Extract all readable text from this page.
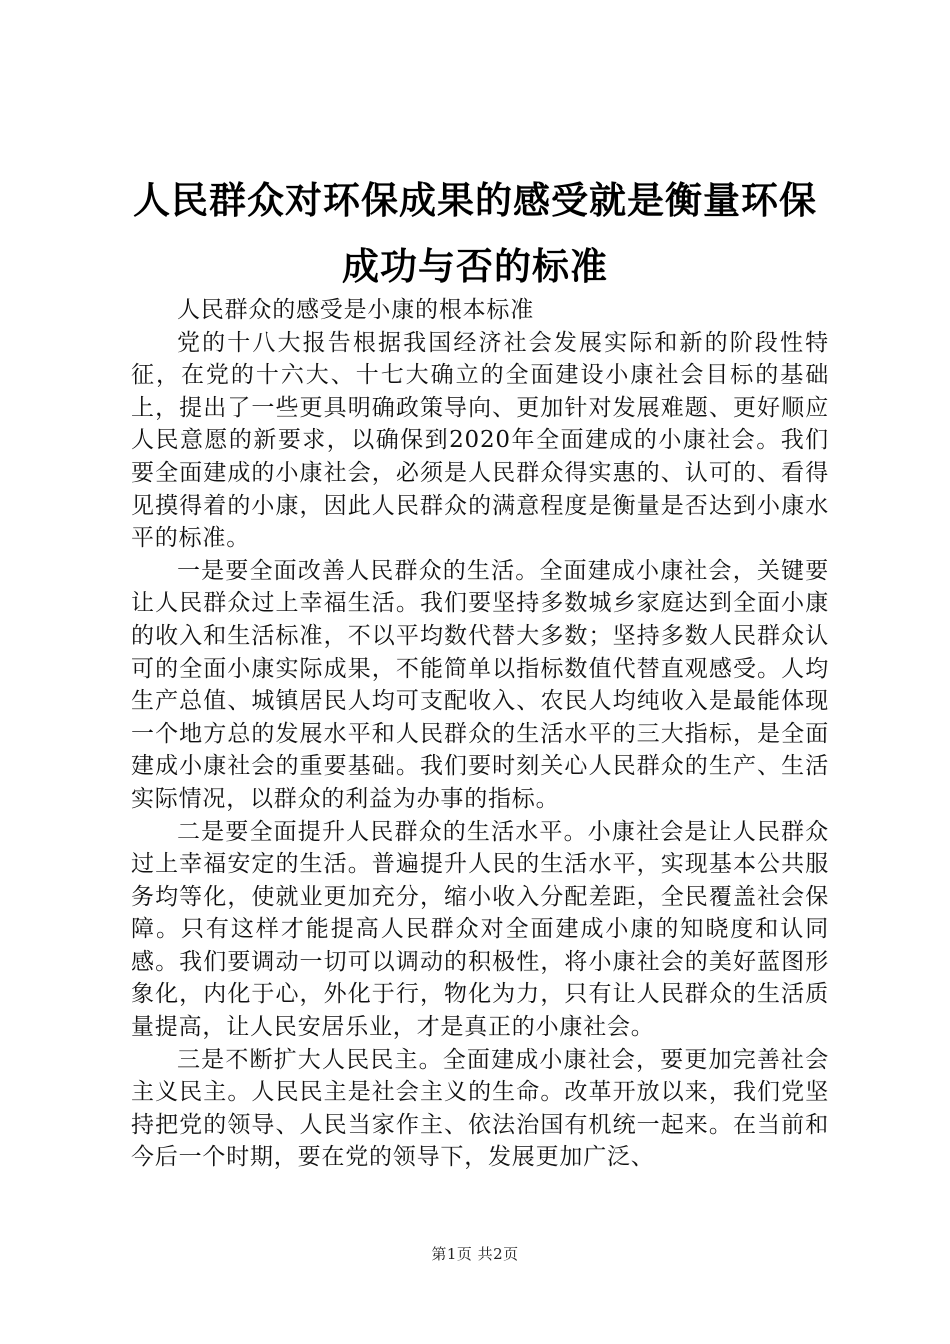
人民群众对环保成果的感受就是衡量环保成功与否的标准

人民群众的感受是小康的根本标准

党的十八大报告根据我国经济社会发展实际和新的阶段性特征，在党的十六大、十七大确立的全面建设小康社会目标的基础上，提出了一些更具明确政策导向、更加针对发展难题、更好顺应人民意愿的新要求，以确保到2020年全面建成的小康社会。我们要全面建成的小康社会，必须是人民群众得实惠的、认可的、看得见摸得着的小康，因此人民群众的满意程度是衡量是否达到小康水平的标准。

一是要全面改善人民群众的生活。全面建成小康社会，关键要让人民群众过上幸福生活。我们要坚持多数城乡家庭达到全面小康的收入和生活标准，不以平均数代替大多数；坚持多数人民群众认可的全面小康实际成果，不能简单以指标数值代替直观感受。人均生产总值、城镇居民人均可支配收入、农民人均纯收入是最能体现一个地方总的发展水平和人民群众的生活水平的三大指标，是全面建成小康社会的重要基础。我们要时刻关心人民群众的生产、生活实际情况，以群众的利益为办事的指标。

二是要全面提升人民群众的生活水平。小康社会是让人民群众过上幸福安定的生活。普遍提升人民的生活水平，实现基本公共服务均等化，使就业更加充分，缩小收入分配差距，全民覆盖社会保障。只有这样才能提高人民群众对全面建成小康的知晓度和认同感。我们要调动一切可以调动的积极性，将小康社会的美好蓝图形象化，内化于心，外化于行，物化为力，只有让人民群众的生活质量提高，让人民安居乐业，才是真正的小康社会。

三是不断扩大人民民主。全面建成小康社会，要更加完善社会主义民主。人民民主是社会主义的生命。改革开放以来，我们党坚持把党的领导、人民当家作主、依法治国有机统一起来。在当前和今后一个时期，要在党的领导下，发展更加广泛、

第1页 共2页
